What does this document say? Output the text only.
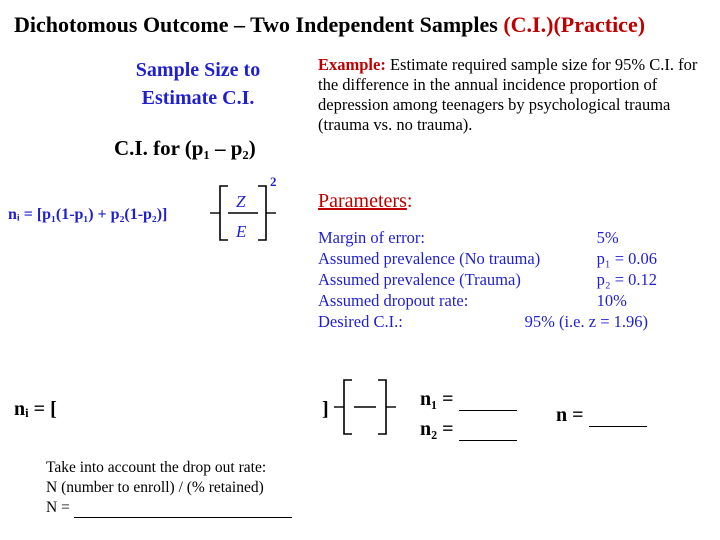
Dichotomous Outcome – Two Independent Samples (C.I.)(Practice)
Sample Size to
Estimate C.I.
C.I. for (p₁ – p₂)
nᵢ = [p₁(1-p₁) + p₂(1-p₂)]
Z
E
2
Example: Estimate required sample size for 95% C.I. for the difference in the annual incidence proportion of depression among teenagers by psychological trauma (trauma vs. no trauma).
Parameters:
Margin of error:	5%
Assumed prevalence (No trauma)	p₁ = 0.06
Assumed prevalence (Trauma)	p₂ = 0.12
Assumed dropout rate:	10%
Desired C.I.:	95% (i.e. z = 1.96)
nᵢ = [	]	n₁ =
n₂ =
n =
Take into account the drop out rate:
N (number to enroll) / (% retained)
N =
